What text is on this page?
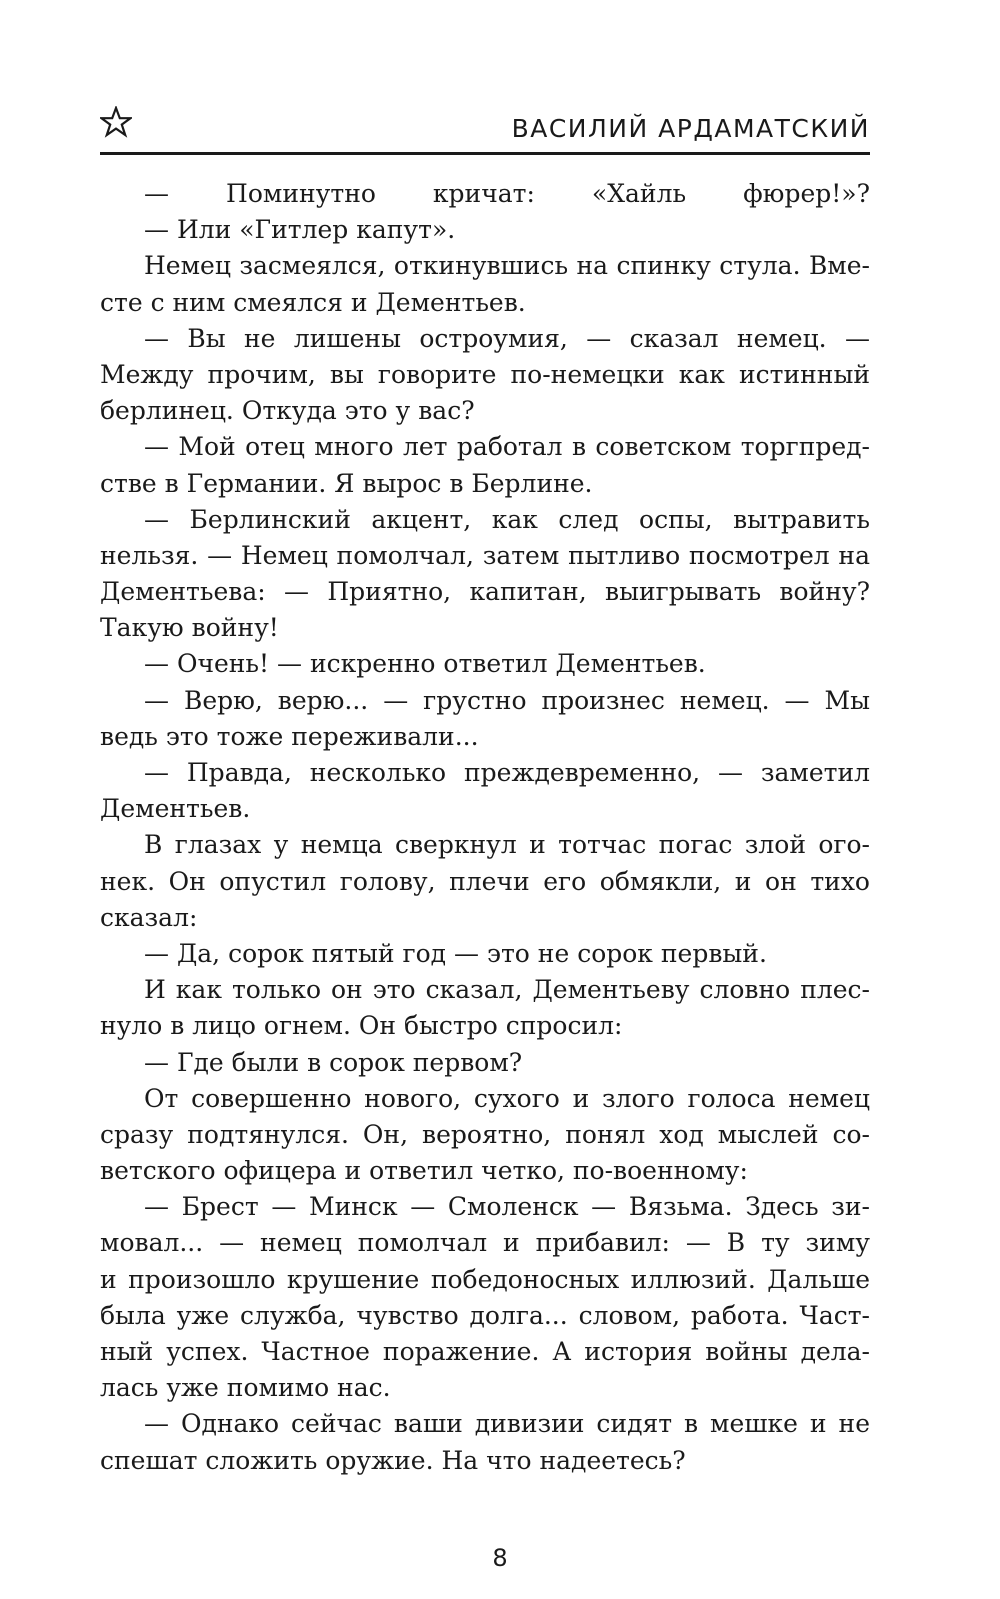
ВАСИЛИЙ АРДАМАТСКИЙ
— Поминутно кричат: «Хайль фюрер!»?
— Или «Гитлер капут».
Немец засмеялся, откинувшись на спинку стула. Вме-
сте с ним смеялся и Дементьев.
— Вы не лишены остроумия, — сказал немец. —
Между прочим, вы говорите по-немецки как истинный
берлинец. Откуда это у вас?
— Мой отец много лет работал в советском торгпред-
стве в Германии. Я вырос в Берлине.
— Берлинский акцент, как след оспы, вытравить
нельзя. — Немец помолчал, затем пытливо посмотрел на
Дементьева: — Приятно, капитан, выигрывать войну?
Такую войну!
— Очень! — искренно ответил Дементьев.
— Верю, верю... — грустно произнес немец. — Мы
ведь это тоже переживали...
— Правда, несколько преждевременно, — заметил
Дементьев.
В глазах у немца сверкнул и тотчас погас злой ого-
нек. Он опустил голову, плечи его обмякли, и он тихо
сказал:
— Да, сорок пятый год — это не сорок первый.
И как только он это сказал, Дементьеву словно плес-
нуло в лицо огнем. Он быстро спросил:
— Где были в сорок первом?
От совершенно нового, сухого и злого голоса немец
сразу подтянулся. Он, вероятно, понял ход мыслей со-
ветского офицера и ответил четко, по-военному:
— Брест — Минск — Смоленск — Вязьма. Здесь зи-
мовал... — немец помолчал и прибавил: — В ту зиму
и произошло крушение победоносных иллюзий. Дальше
была уже служба, чувство долга... словом, работа. Част-
ный успех. Частное поражение. А история войны дела-
лась уже помимо нас.
— Однако сейчас ваши дивизии сидят в мешке и не
спешат сложить оружие. На что надеетесь?
8
